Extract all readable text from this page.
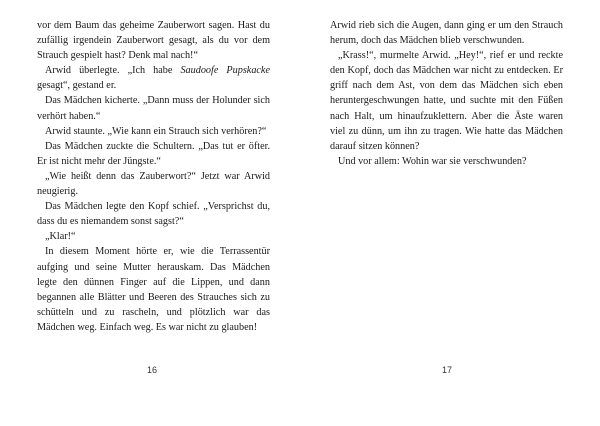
vor dem Baum das geheime Zauberwort sagen. Hast du zufällig irgendein Zauberwort gesagt, als du vor dem Strauch gespielt hast? Denk mal nach!“

Arwid überlegte. „Ich habe Saudoofe Pupskacke gesagt“, gestand er.

Das Mädchen kicherte. „Dann muss der Holunder sich verhört haben.“

Arwid staunte. „Wie kann ein Strauch sich verhören?“

Das Mädchen zuckte die Schultern. „Das tut er öfter. Er ist nicht mehr der Jüngste.“

„Wie heißt denn das Zauberwort?“ Jetzt war Arwid neugierig.

Das Mädchen legte den Kopf schief. „Versprichst du, dass du es niemandem sonst sagst?“

„Klar!“

In diesem Moment hörte er, wie die Terrassentür aufging und seine Mutter herauskam. Das Mädchen legte den dünnen Finger auf die Lippen, und dann begannen alle Blätter und Beeren des Strauches sich zu schütteln und zu rascheln, und plötzlich war das Mädchen weg. Einfach weg. Es war nicht zu glauben!

16

Arwid rieb sich die Augen, dann ging er um den Strauch herum, doch das Mädchen blieb verschwunden.

„Krass!“, murmelte Arwid. „Hey!“, rief er und reckte den Kopf, doch das Mädchen war nicht zu entdecken. Er griff nach dem Ast, von dem das Mädchen sich eben heruntergeschwungen hatte, und suchte mit den Füßen nach Halt, um hinaufzuklettern. Aber die Äste waren viel zu dünn, um ihn zu tragen. Wie hatte das Mädchen darauf sitzen können?

Und vor allem: Wohin war sie verschwunden?

17
